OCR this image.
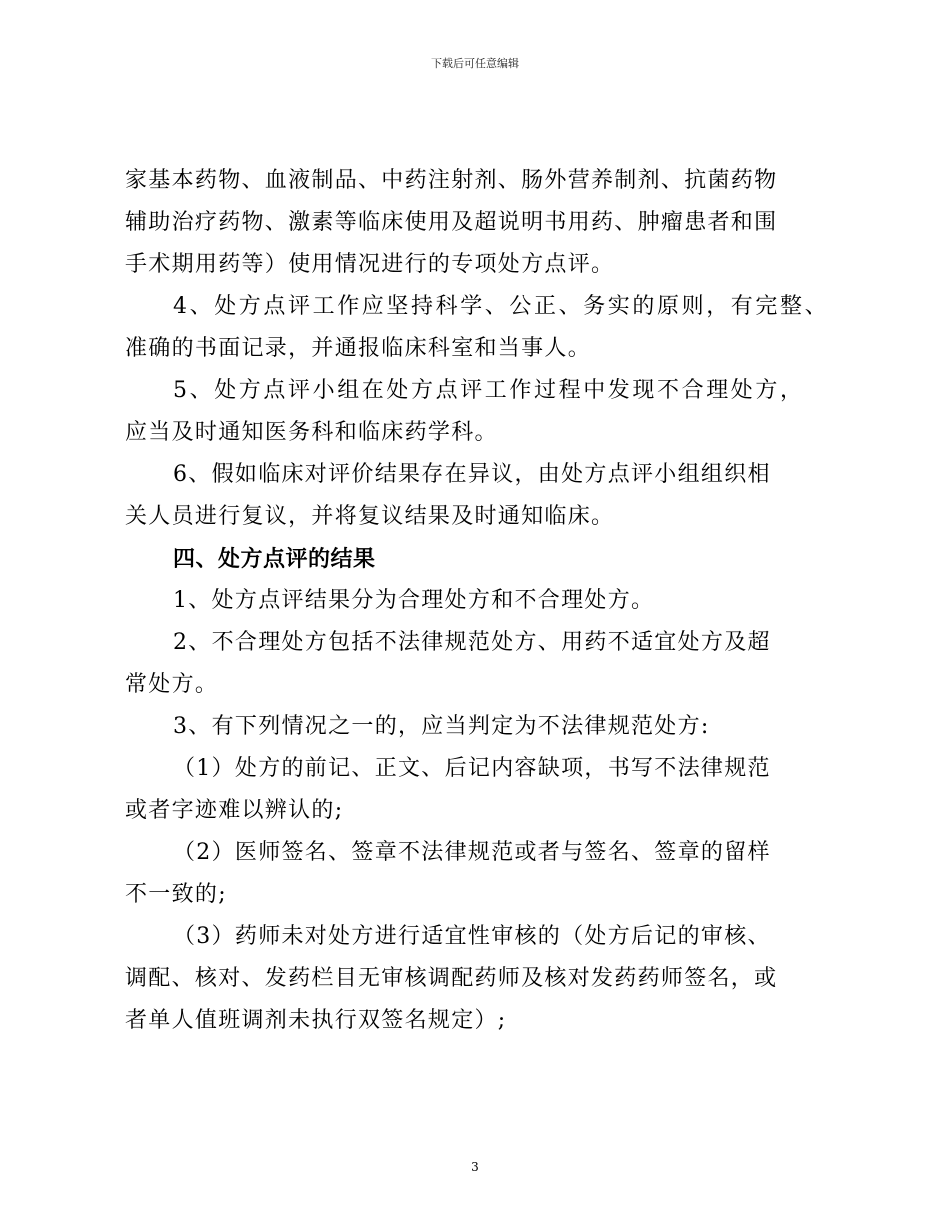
下载后可任意编辑
家基本药物、血液制品、中药注射剂、肠外营养制剂、抗菌药物
辅助治疗药物、激素等临床使用及超说明书用药、肿瘤患者和围
手术期用药等）使用情况进行的专项处方点评。
4、处方点评工作应坚持科学、公正、务实的原则，有完整、
准确的书面记录，并通报临床科室和当事人。
5、处方点评小组在处方点评工作过程中发现不合理处方，
应当及时通知医务科和临床药学科。
6、假如临床对评价结果存在异议，由处方点评小组组织相
关人员进行复议，并将复议结果及时通知临床。
四、处方点评的结果
1、处方点评结果分为合理处方和不合理处方。
2、不合理处方包括不法律规范处方、用药不适宜处方及超
常处方。
3、有下列情况之一的，应当判定为不法律规范处方:
（1）处方的前记、正文、后记内容缺项，书写不法律规范
或者字迹难以辨认的;
（2）医师签名、签章不法律规范或者与签名、签章的留样
不一致的;
（3）药师未对处方进行适宜性审核的（处方后记的审核、
调配、核对、发药栏目无审核调配药师及核对发药药师签名，或
者单人值班调剂未执行双签名规定）;
3
